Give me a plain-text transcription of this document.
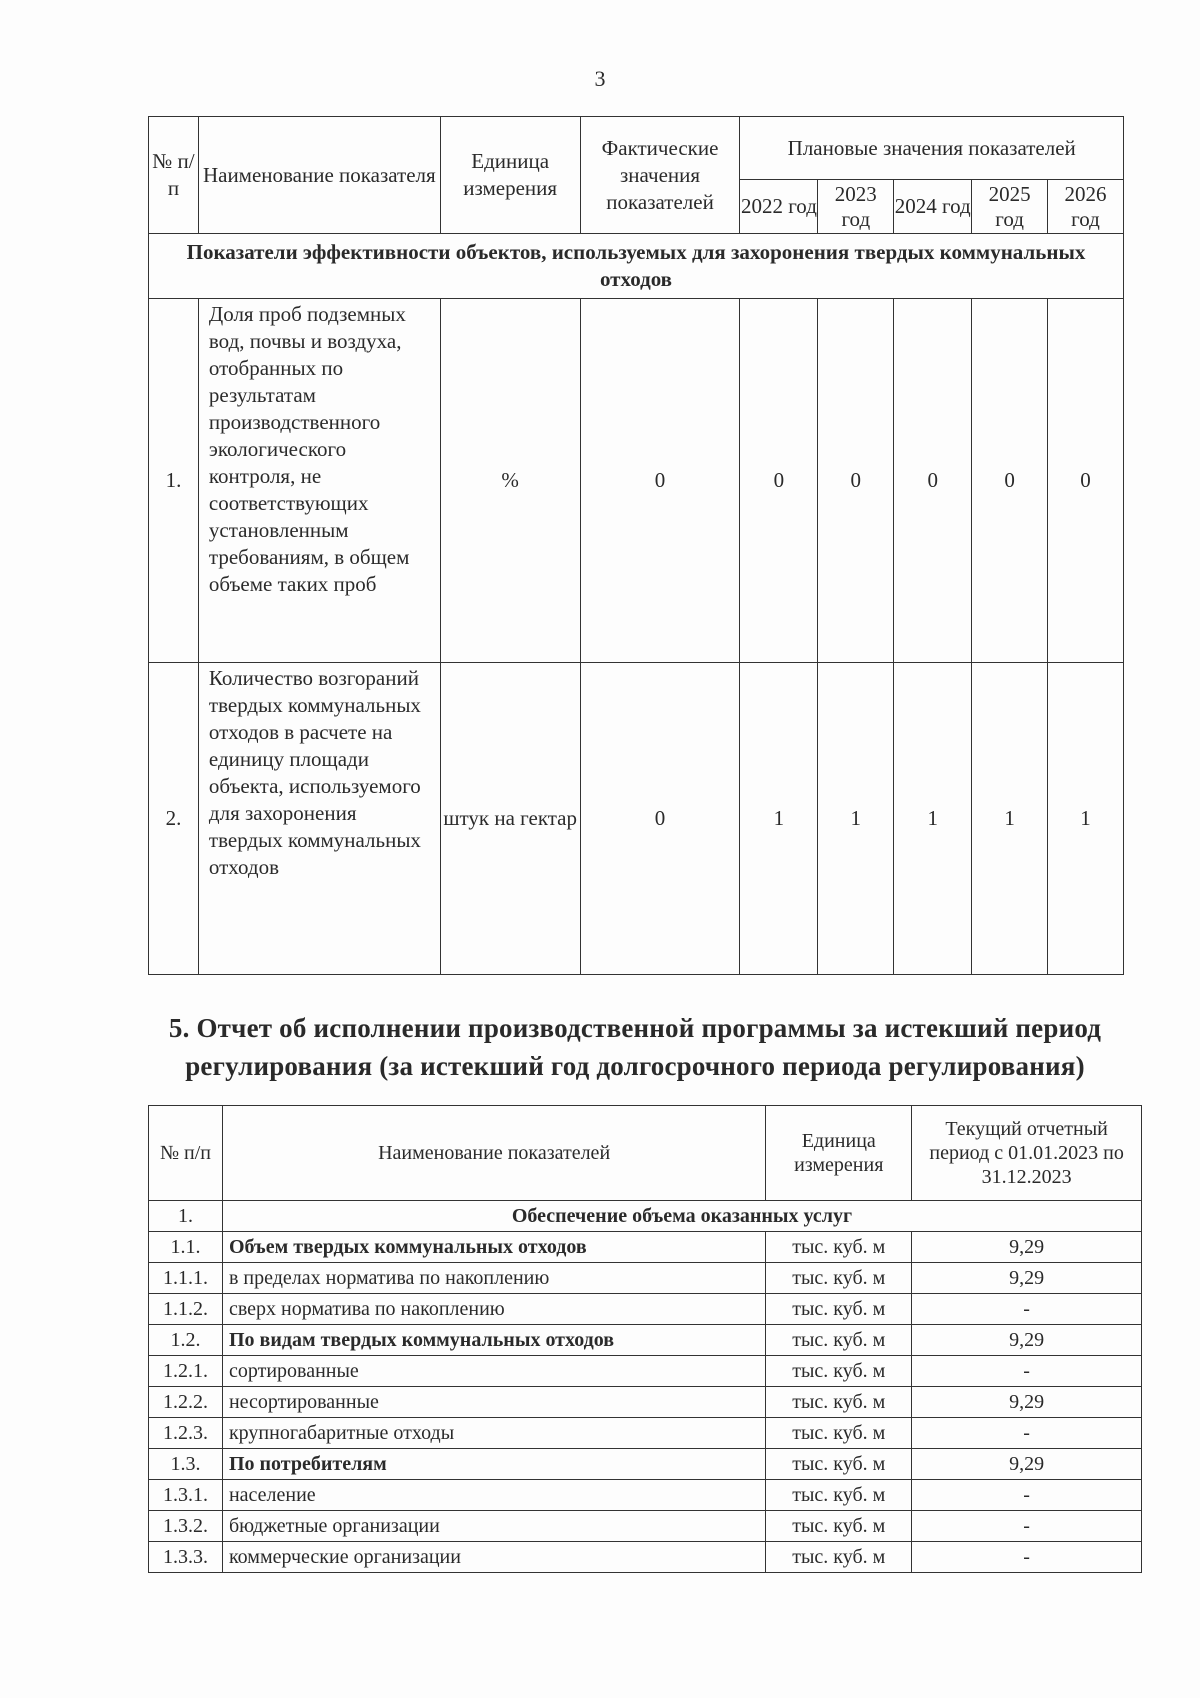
3
№ п/ п	Наименование показателя	Единица измерения	Фактические значения показателей	Плановые значения показателей				
				2022 год	2023 год	2024 год	2025 год	2026 год
Показатели эффективности объектов, используемых для захоронения твердых коммунальных отходов								
1.	Доля проб подземных вод, почвы и воздуха, отобранных по результатам производственного экологического контроля, не соответствующих установленным требованиям, в общем объеме таких проб	%	0	0	0	0	0	0
2.	Количество возгораний твердых коммунальных отходов в расчете на единицу площади объекта, используемого для захоронения твердых коммунальных отходов	штук на гектар	0	1	1	1	1	1
5. Отчет об исполнении производственной программы за истекший период регулирования (за истекший год долгосрочного периода регулирования)
№ п/п	Наименование показателей	Единица измерения	Текущий отчетный период с 01.01.2023 по 31.12.2023
1.	Обеспечение объема оказанных услуг		
1.1.	Объем твердых коммунальных отходов	тыс. куб. м	9,29
1.1.1.	в пределах норматива по накоплению	тыс. куб. м	9,29
1.1.2.	сверх норматива по накоплению	тыс. куб. м	-
1.2.	По видам твердых коммунальных отходов	тыс. куб. м	9,29
1.2.1.	сортированные	тыс. куб. м	-
1.2.2.	несортированные	тыс. куб. м	9,29
1.2.3.	крупногабаритные отходы	тыс. куб. м	-
1.3.	По потребителям	тыс. куб. м	9,29
1.3.1.	население	тыс. куб. м	-
1.3.2.	бюджетные организации	тыс. куб. м	-
1.3.3.	коммерческие организации	тыс. куб. м	-
